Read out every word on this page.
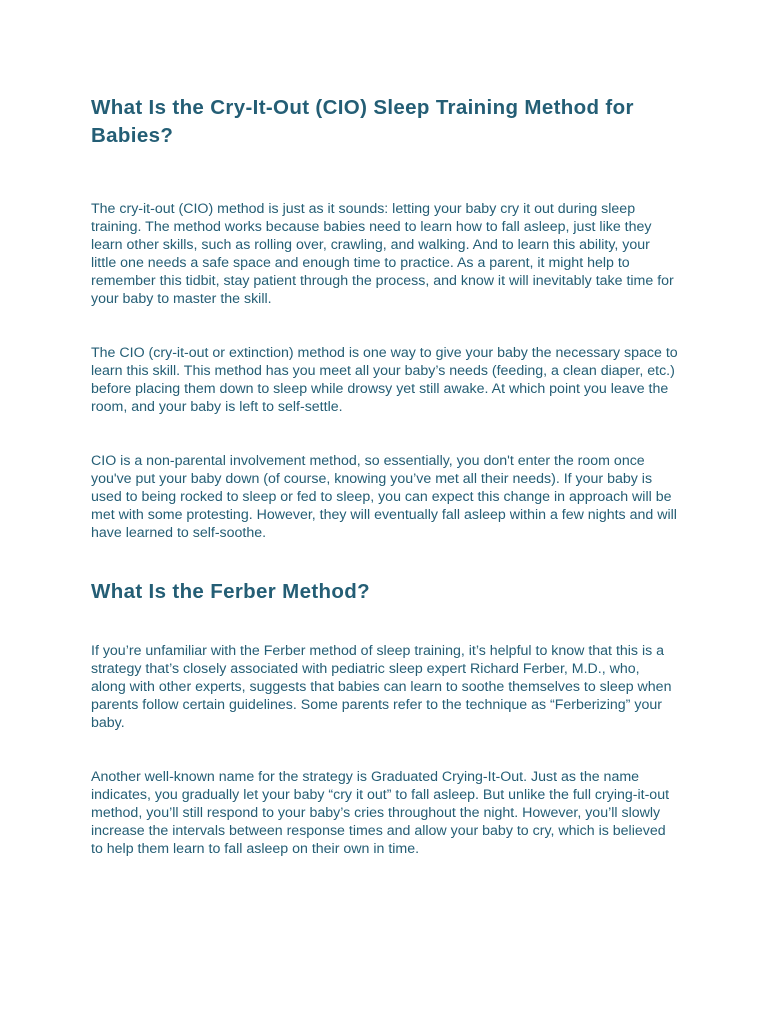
What Is the Cry-It-Out (CIO) Sleep Training Method for Babies?

The cry-it-out (CIO) method is just as it sounds: letting your baby cry it out during sleep training. The method works because babies need to learn how to fall asleep, just like they learn other skills, such as rolling over, crawling, and walking. And to learn this ability, your little one needs a safe space and enough time to practice. As a parent, it might help to remember this tidbit, stay patient through the process, and know it will inevitably take time for your baby to master the skill.

The CIO (cry-it-out or extinction) method is one way to give your baby the necessary space to learn this skill. This method has you meet all your baby’s needs (feeding, a clean diaper, etc.) before placing them down to sleep while drowsy yet still awake. At which point you leave the room, and your baby is left to self-settle.

CIO is a non-parental involvement method, so essentially, you don't enter the room once you've put your baby down (of course, knowing you’ve met all their needs). If your baby is used to being rocked to sleep or fed to sleep, you can expect this change in approach will be met with some protesting. However, they will eventually fall asleep within a few nights and will have learned to self-soothe.

What Is the Ferber Method?

If you’re unfamiliar with the Ferber method of sleep training, it’s helpful to know that this is a strategy that’s closely associated with pediatric sleep expert Richard Ferber, M.D., who, along with other experts, suggests that babies can learn to soothe themselves to sleep when parents follow certain guidelines. Some parents refer to the technique as “Ferberizing” your baby.

Another well-known name for the strategy is Graduated Crying-It-Out. Just as the name indicates, you gradually let your baby “cry it out” to fall asleep. But unlike the full crying-it-out method, you’ll still respond to your baby’s cries throughout the night. However, you’ll slowly increase the intervals between response times and allow your baby to cry, which is believed to help them learn to fall asleep on their own in time.
